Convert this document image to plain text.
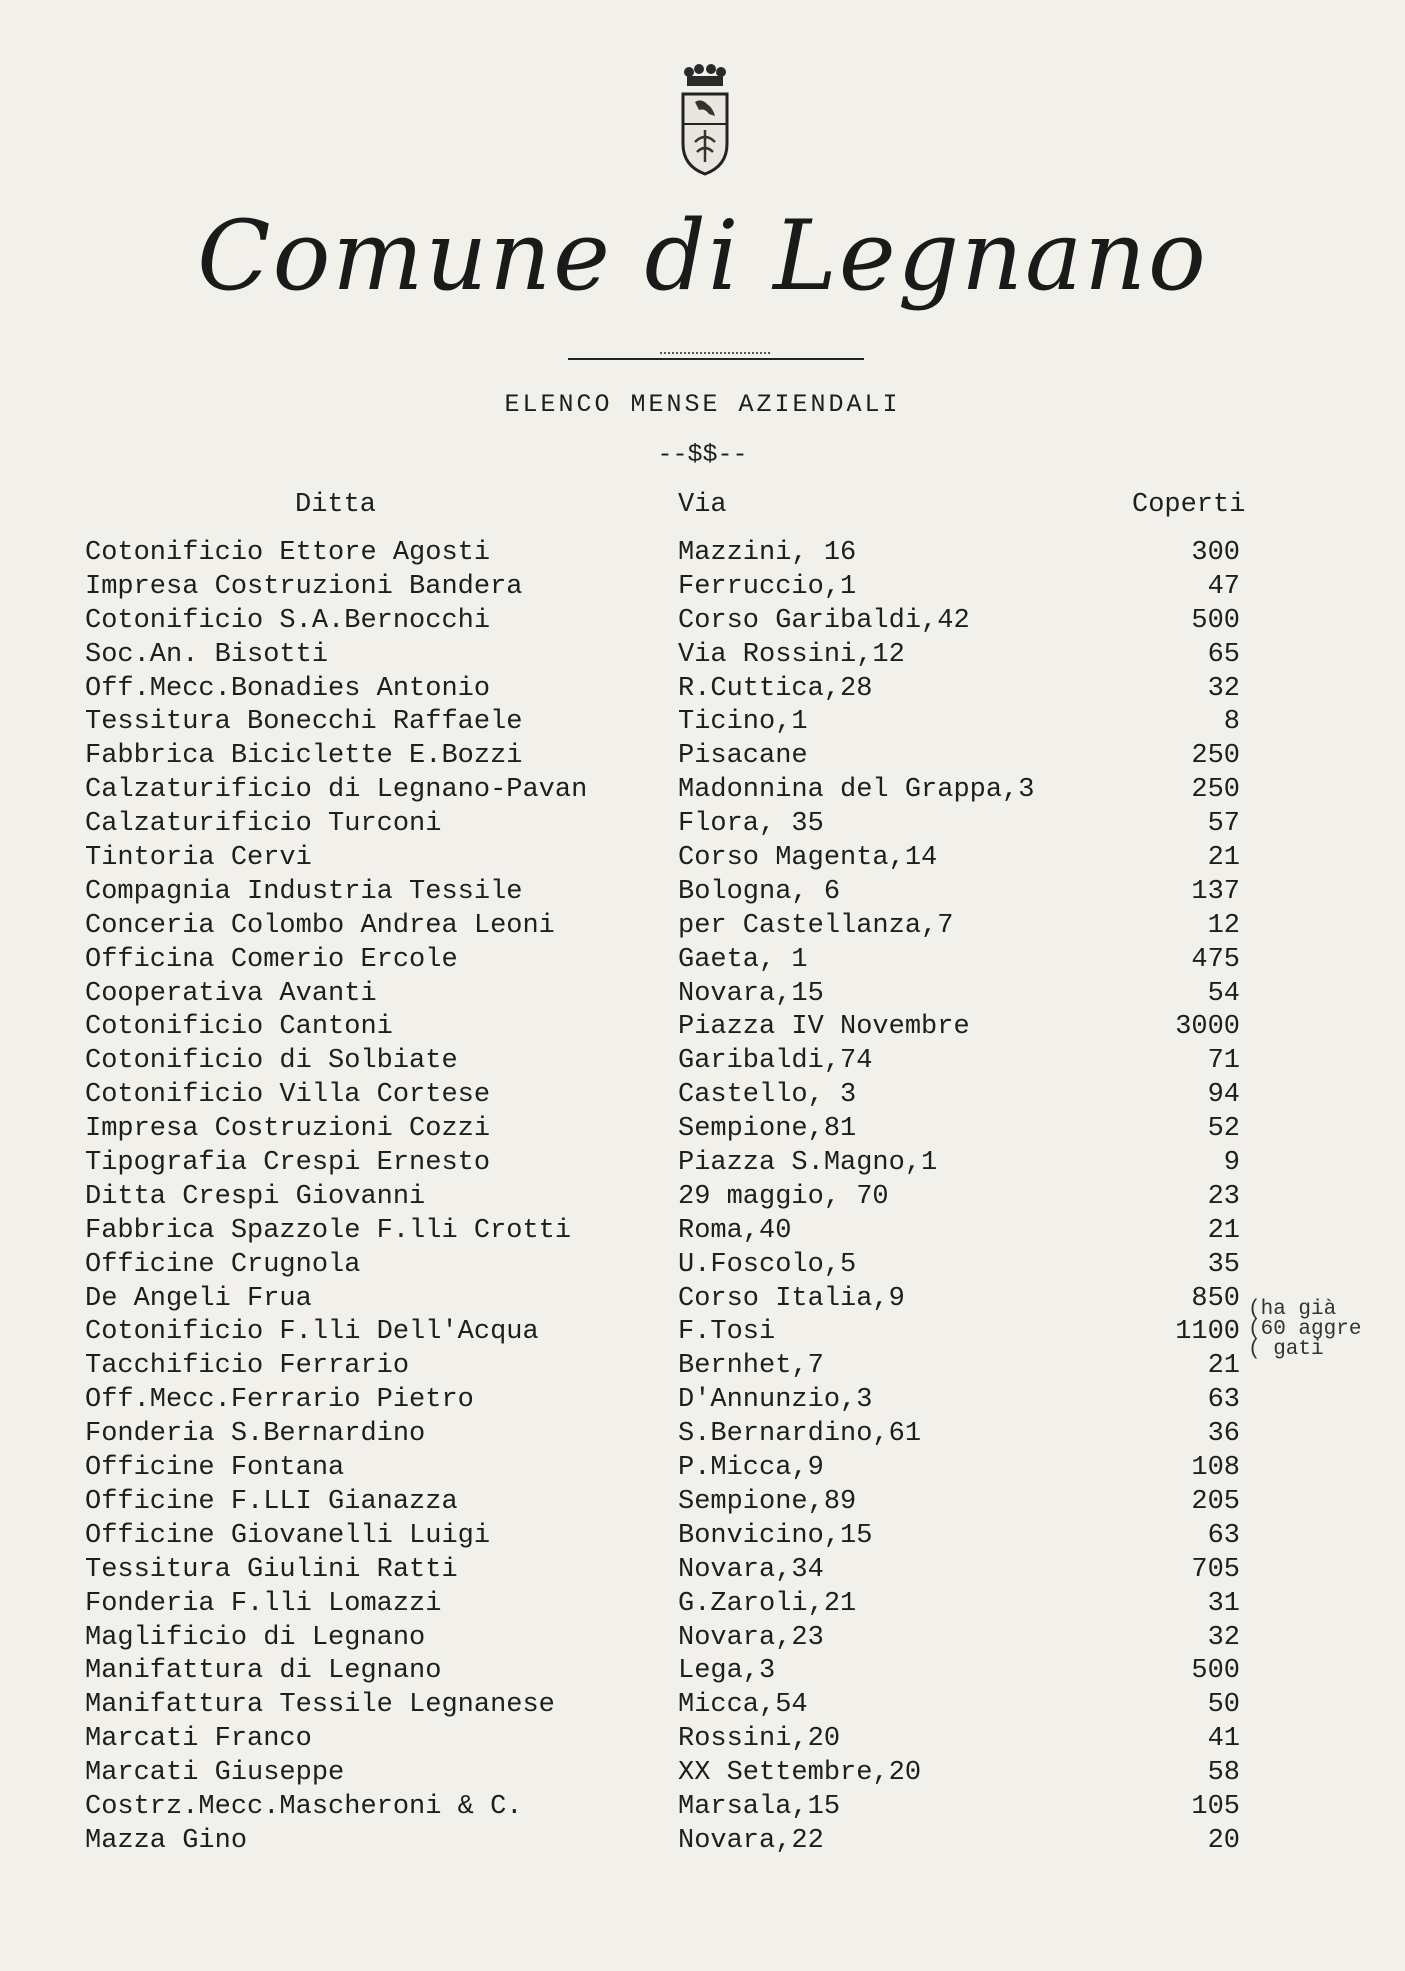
Comune di Legnano
ELENCO MENSE AZIENDALI
--$$--
Ditta	Via	Coperti
Cotonificio Ettore Agosti	Mazzini, 16	300
Impresa Costruzioni Bandera	Ferruccio,1	47
Cotonificio S.A.Bernocchi	Corso Garibaldi,42	500
Soc.An. Bisotti	Via Rossini,12	65
Off.Mecc.Bonadies Antonio	R.Cuttica,28	32
Tessitura Bonecchi Raffaele	Ticino,1	8
Fabbrica Biciclette E.Bozzi	Pisacane	250
Calzaturificio di Legnano-Pavan	Madonnina del Grappa,3	250
Calzaturificio Turconi	Flora, 35	57
Tintoria Cervi	Corso Magenta,14	21
Compagnia Industria Tessile	Bologna, 6	137
Conceria Colombo Andrea Leoni	per Castellanza,7	12
Officina Comerio Ercole	Gaeta, 1	475
Cooperativa Avanti	Novara,15	54
Cotonificio Cantoni	Piazza IV Novembre	3000
Cotonificio di Solbiate	Garibaldi,74	71
Cotonificio Villa Cortese	Castello, 3	94
Impresa Costruzioni Cozzi	Sempione,81	52
Tipografia Crespi Ernesto	Piazza S.Magno,1	9
Ditta Crespi Giovanni	29 maggio, 70	23
Fabbrica Spazzole F.lli Crotti	Roma,40	21
Officine Crugnola	U.Foscolo,5	35
De Angeli Frua	Corso Italia,9	850
Cotonificio F.lli Dell'Acqua	F.Tosi	1100
Tacchificio Ferrario	Bernhet,7	21
Off.Mecc.Ferrario Pietro	D'Annunzio,3	63
Fonderia S.Bernardino	S.Bernardino,61	36
Officine Fontana	P.Micca,9	108
Officine F.LLI Gianazza	Sempione,89	205
Officine Giovanelli Luigi	Bonvicino,15	63
Tessitura Giulini Ratti	Novara,34	705
Fonderia F.lli Lomazzi	G.Zaroli,21	31
Maglificio di Legnano	Novara,23	32
Manifattura di Legnano	Lega,3	500
Manifattura Tessile Legnanese	Micca,54	50
Marcati Franco	Rossini,20	41
Marcati Giuseppe	XX Settembre,20	58
Costrz.Mecc.Mascheroni & C.	Marsala,15	105
Mazza Gino	Novara,22	20
(ha già
(60 aggre
( gati
